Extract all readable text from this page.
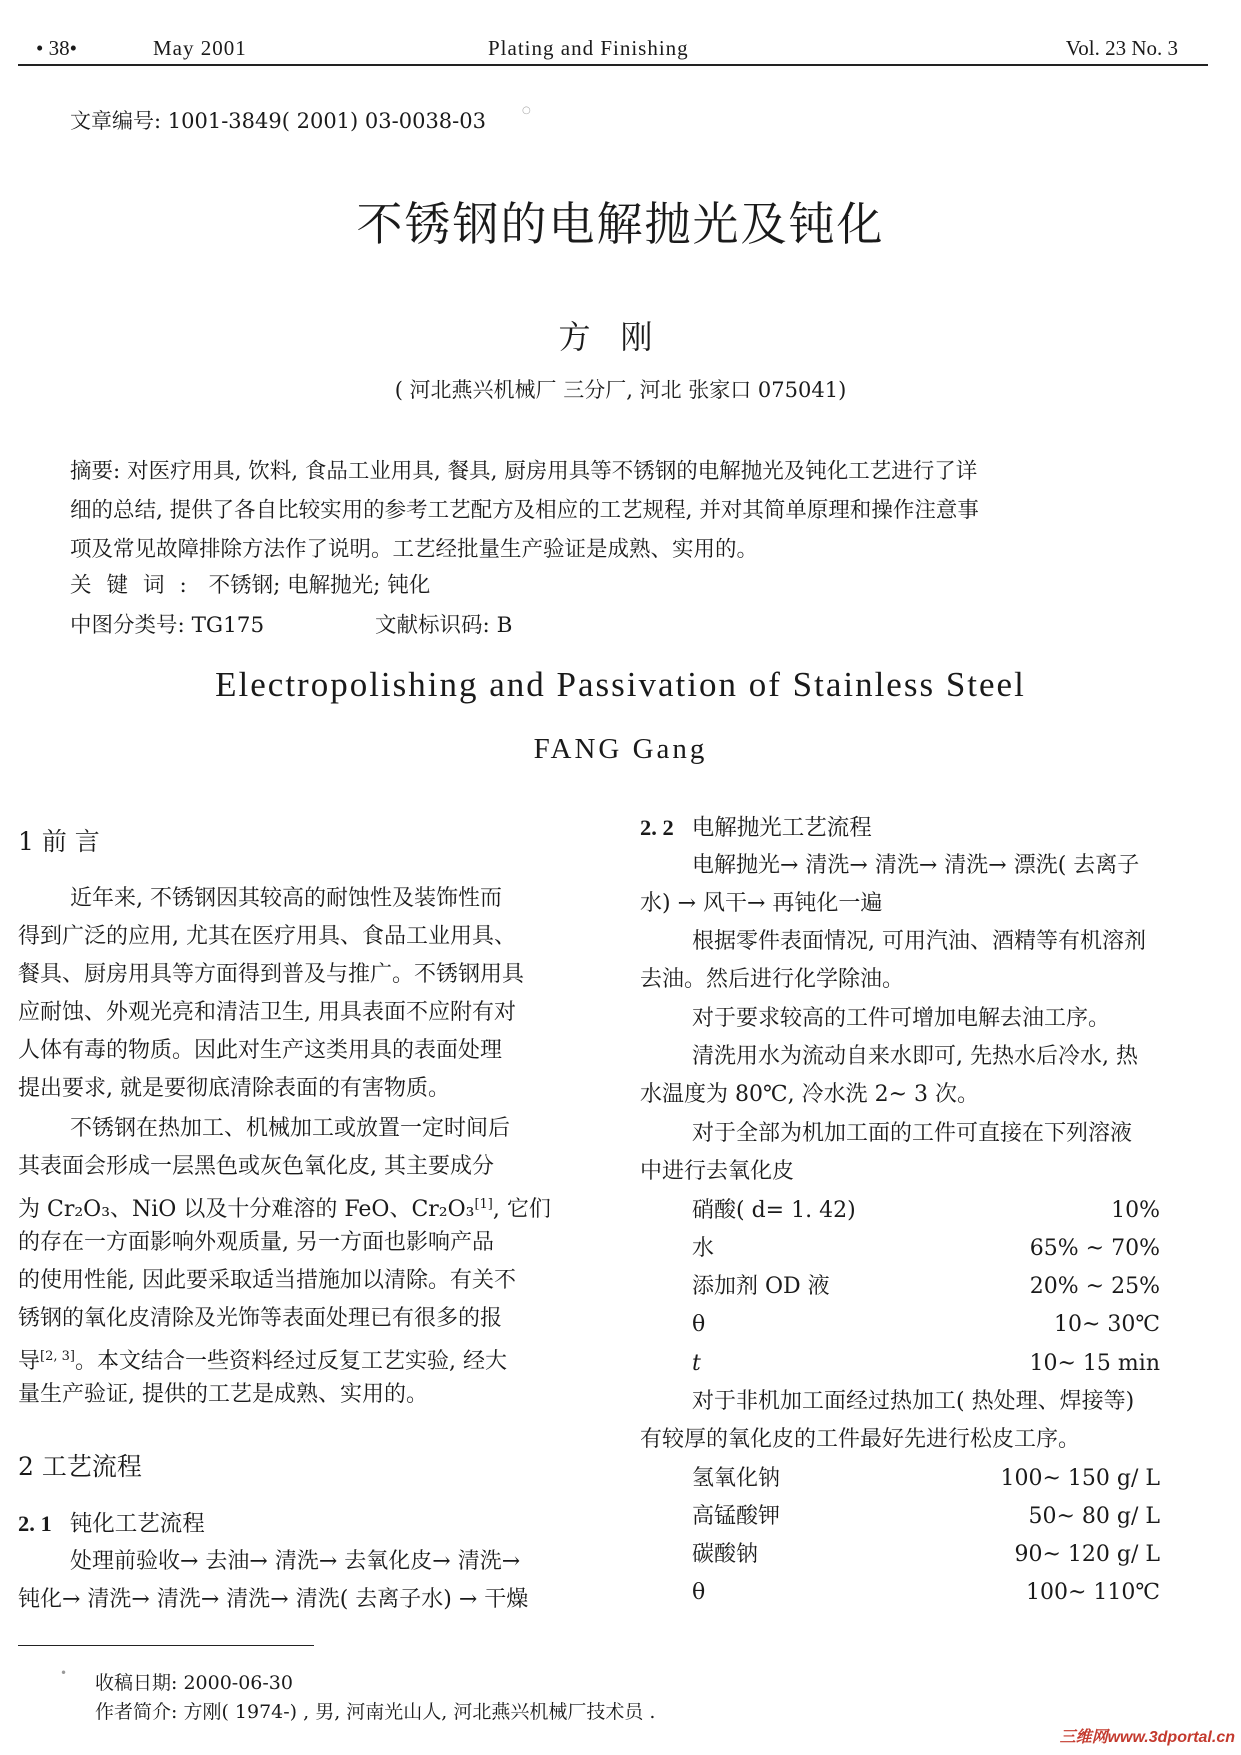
• 38•	May 2001	Plating and Finishing	Vol. 23 No. 3
文章编号: 1001-3849( 2001) 03-0038-03	○
不锈钢的电解抛光及钝化
方刚
( 河北燕兴机械厂 三分厂, 河北 张家口 075041)
摘要: 对医疗用具, 饮料, 食品工业用具, 餐具, 厨房用具等不锈钢的电解抛光及钝化工艺进行了详
细的总结, 提供了各自比较实用的参考工艺配方及相应的工艺规程, 并对其简单原理和操作注意事
项及常见故障排除方法作了说明。工艺经批量生产验证是成熟、实用的。
关键词: 不锈钢; 电解抛光; 钝化
中图分类号: TG175	文献标识码: B
Electropolishing and Passivation of Stainless Steel
FANG Gang
1 前 言
近年来, 不锈钢因其较高的耐蚀性及装饰性而
得到广泛的应用, 尤其在医疗用具、食品工业用具、
餐具、厨房用具等方面得到普及与推广。不锈钢用具
应耐蚀、外观光亮和清洁卫生, 用具表面不应附有对
人体有毒的物质。因此对生产这类用具的表面处理
提出要求, 就是要彻底清除表面的有害物质。
不锈钢在热加工、机械加工或放置一定时间后
其表面会形成一层黑色或灰色氧化皮, 其主要成分
为 Cr₂O₃、NiO 以及十分难溶的 FeO、Cr₂O₃[1], 它们
的存在一方面影响外观质量, 另一方面也影响产品
的使用性能, 因此要采取适当措施加以清除。有关不
锈钢的氧化皮清除及光饰等表面处理已有很多的报
导[2, 3]。本文结合一些资料经过反复工艺实验, 经大
量生产验证, 提供的工艺是成熟、实用的。
2 工艺流程
2. 1 钝化工艺流程
处理前验收→ 去油→ 清洗→ 去氧化皮→ 清洗→
钝化→ 清洗→ 清洗→ 清洗→ 清洗( 去离子水) → 干燥
2. 2 电解抛光工艺流程
电解抛光→ 清洗→ 清洗→ 清洗→ 漂洗( 去离子
水) → 风干→ 再钝化一遍
根据零件表面情况, 可用汽油、酒精等有机溶剂
去油。然后进行化学除油。
对于要求较高的工件可增加电解去油工序。
清洗用水为流动自来水即可, 先热水后冷水, 热
水温度为 80℃, 冷水洗 2~ 3 次。
对于全部为机加工面的工件可直接在下列溶液
中进行去氧化皮
硝酸( d= 1. 42)	10%
水	65% ~ 70%
添加剂 OD 液	20% ~ 25%
θ	10~ 30℃
t	10~ 15 min
对于非机加工面经过热加工( 热处理、焊接等)
有较厚的氧化皮的工件最好先进行松皮工序。
氢氧化钠	100~ 150 g/ L
高锰酸钾	50~ 80 g/ L
碳酸钠	90~ 120 g/ L
θ	100~ 110℃
• 收稿日期: 2000-06-30
作者简介: 方刚( 1974-) , 男, 河南光山人, 河北燕兴机械厂技术员 .
三维网www.3dportal.cn
